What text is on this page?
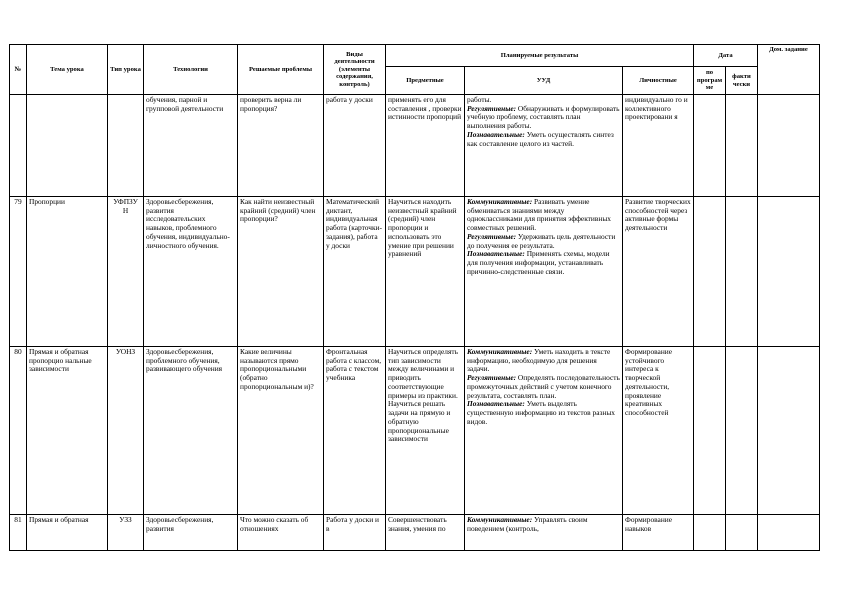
№	Тема урока	Тип урока	Технологии	Решаемые проблемы	Виды деятельности (элементы содержания, контроль)	Планируемые результаты			Дата		Дом. задание
						Предметные	УУД	Личностные	по програм ме	факти чески	
			обучения, парной и групповой деятельности	проверить верна ли пропорция?	работа у доски	применять его для составления , проверки истинности пропорций	работы.
Регулятивные: Обнаруживать и формулировать учебную проблему, составлять план выполнения работы.
Познавательные: Уметь осуществлять синтез как составление целого из частей.	индивидуально го и коллективного проектировани я			
79	Пропорции	УФПЗУ Н	Здоровьесбережения, развития исследовательских навыков, проблемного обучения, индивидуально-личностного обучения.	Как найти неизвестный крайний (средний) член пропорции?	Математический диктант, индивидуальная работа (карточки-задания), работа у доски	Научиться находить неизвестный крайний (средний) член пропорции и использовать это умение при решении уравнений	Коммуникативные: Развивать умение обмениваться знаниями между одноклассниками для принятия эффективных совместных решений.
Регулятивные: Удерживать цель деятельности до получения ее результата.
Познавательные: Применять схемы, модели для получения информации, устанавливать причинно-следственные связи.	Развитие творческих способностей через активные формы деятельности			
80	Прямая и обратная пропорцио нальные зависимости	УОНЗ	Здоровьесбережения, проблемного обучения, развивающего обучения	Какие величины называются прямо пропорциональными (обратно пропорциональным и)?	Фронтальная работа с классом, работа с текстом учебника	Научиться определять тип зависимости между величинами и приводить соответствующие примеры из практики. Научиться решать задачи на прямую и обратную пропорциональные зависимости	Коммуникативные: Уметь находить в тексте информацию, необходимую для решения задачи.
Регулятивные: Определять последовательность промежуточных действий с учетом конечного результата, составлять план.
Познавательные: Уметь выделять существенную информацию из текстов разных видов.	Формирование устойчивого интереса к творческой деятельности, проявление креативных способностей			
81	Прямая и обратная	УЗЗ	Здоровьесбережения, развития	Что можно сказать об отношениях	Работа у доски и в	Совершенствовать знания, умения по	Коммуникативные: Управлять своим поведением (контроль,	Формирование навыков			
